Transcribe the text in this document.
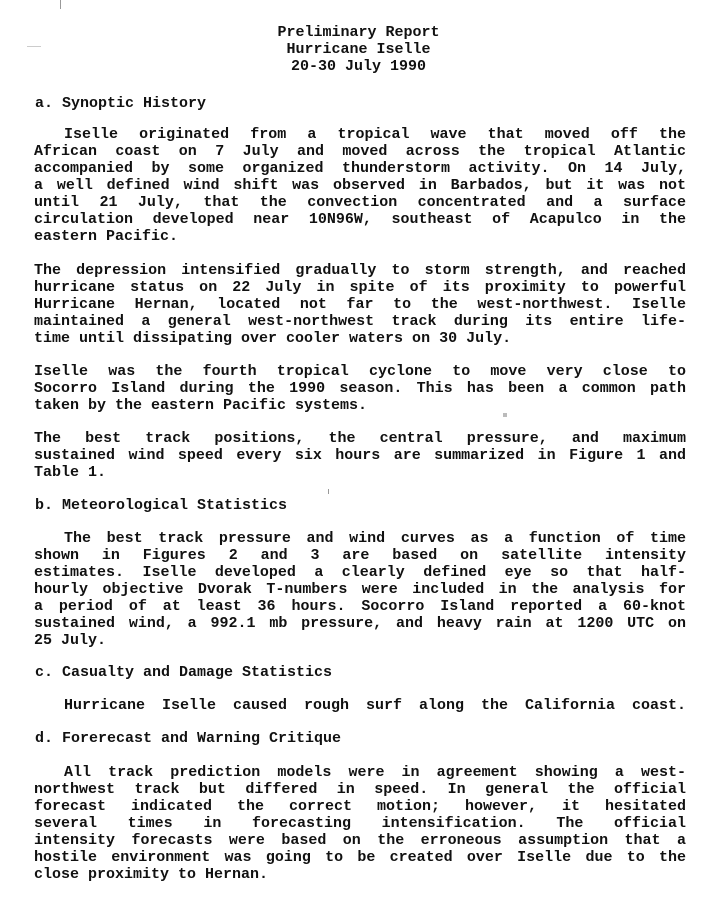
Preliminary Report
Hurricane Iselle
20-30 July 1990
a. Synoptic History
Iselle originated from a tropical wave that moved off the
African coast on 7 July and moved across the tropical Atlantic
accompanied by some organized thunderstorm activity. On 14 July,
a well defined wind shift was observed in Barbados, but it was not
until 21 July, that the convection concentrated and a surface
circulation developed near 10N96W, southeast of Acapulco in the
eastern Pacific.
The depression intensified gradually to storm strength, and reached
hurricane status on 22 July in spite of its proximity to powerful
Hurricane Hernan, located not far to the west-northwest. Iselle
maintained a general west-northwest track during its entire life-
time until dissipating over cooler waters on 30 July.
Iselle was the fourth tropical cyclone to move very close to
Socorro Island during the 1990 season. This has been a common path
taken by the eastern Pacific systems.
The best track positions, the central pressure, and maximum
sustained wind speed every six hours are summarized in Figure 1 and
Table 1.
b. Meteorological Statistics
The best track pressure and wind curves as a function of time
shown in Figures 2 and 3 are based on satellite intensity
estimates. Iselle developed a clearly defined eye so that half-
hourly objective Dvorak T-numbers were included in the analysis for
a period of at least 36 hours. Socorro Island reported a 60-knot
sustained wind, a 992.1 mb pressure, and heavy rain at 1200 UTC on
25 July.
c. Casualty and Damage Statistics
Hurricane Iselle caused rough surf along the California coast.
d. Forerecast and Warning Critique
All track prediction models were in agreement showing a west-
northwest track but differed in speed. In general the official
forecast indicated the correct motion; however, it hesitated
several times in forecasting intensification. The official
intensity forecasts were based on the erroneous assumption that a
hostile environment was going to be created over Iselle due to the
close proximity to Hernan.
